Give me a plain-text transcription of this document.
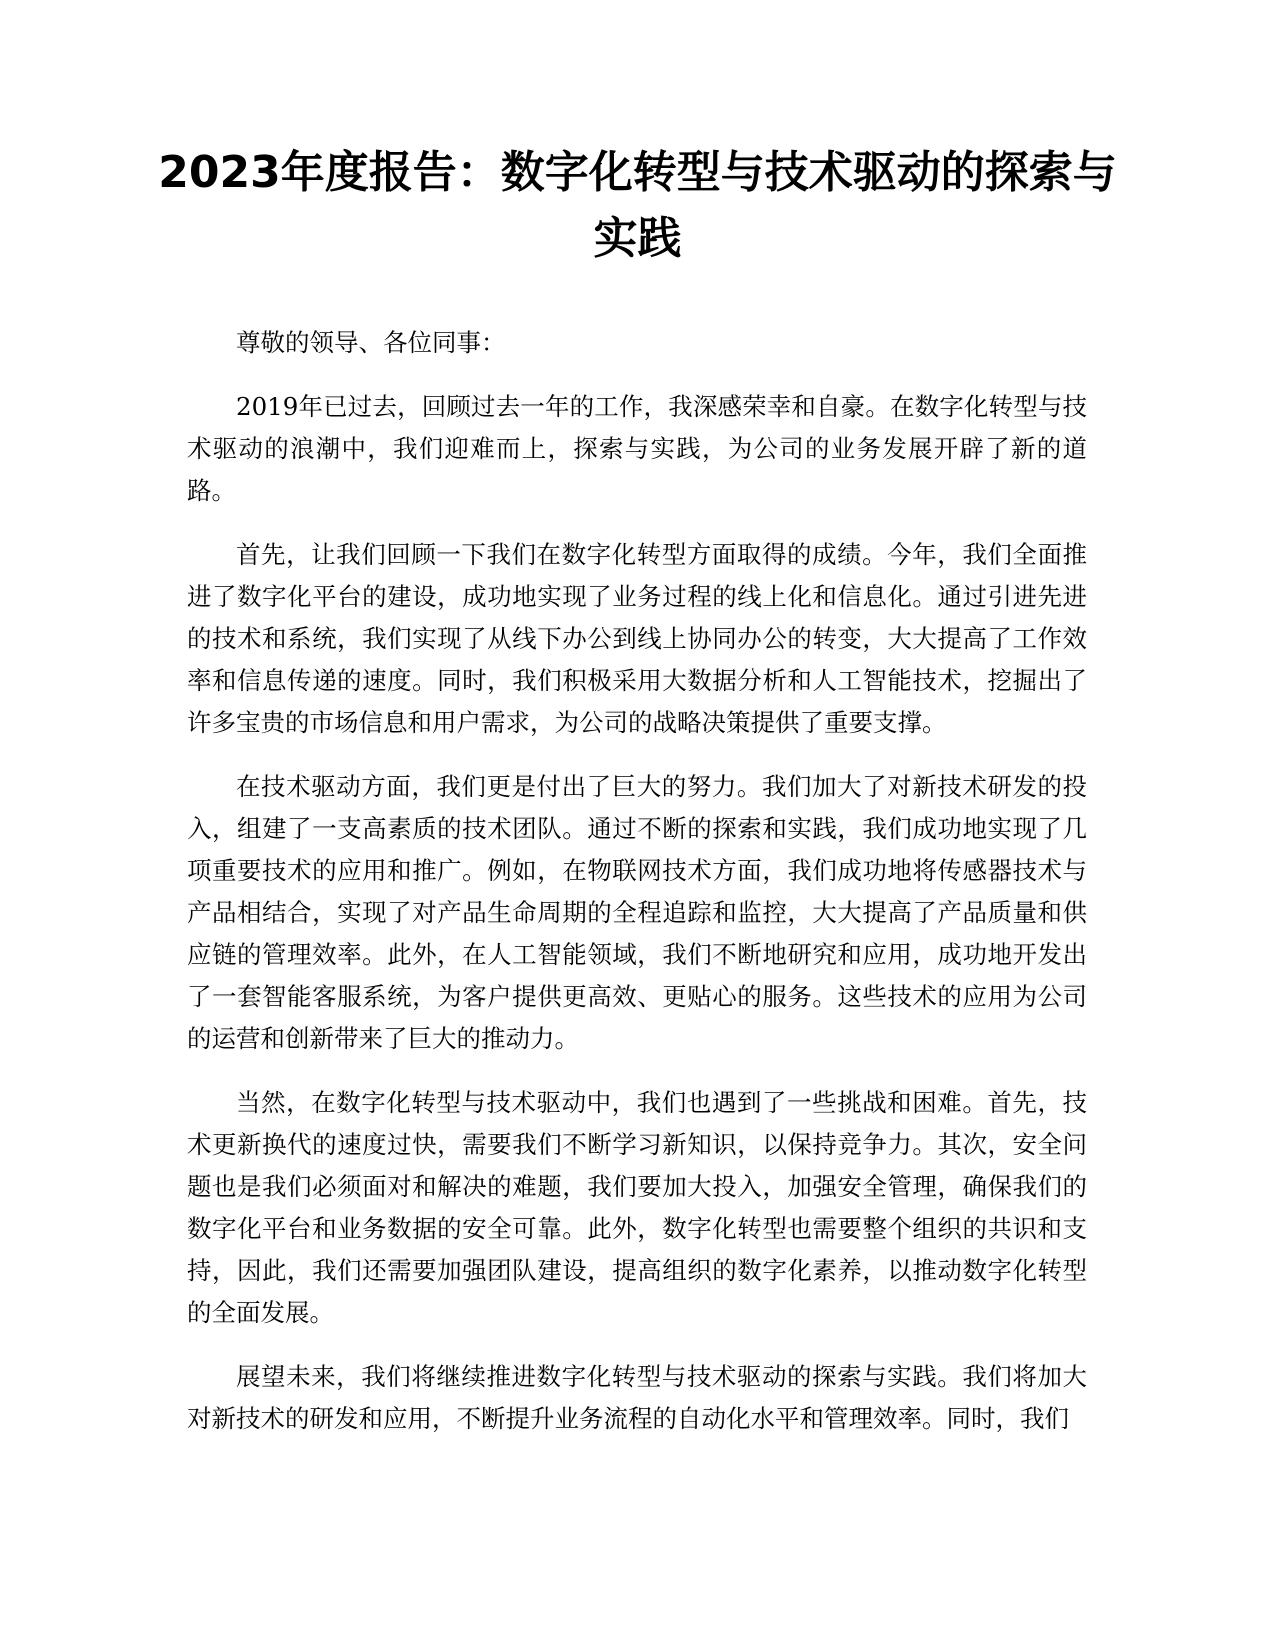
2023年度报告：数字化转型与技术驱动的探索与实践

尊敬的领导、各位同事：

2019年已过去，回顾过去一年的工作，我深感荣幸和自豪。在数字化转型与技术驱动的浪潮中，我们迎难而上，探索与实践，为公司的业务发展开辟了新的道路。

首先，让我们回顾一下我们在数字化转型方面取得的成绩。今年，我们全面推进了数字化平台的建设，成功地实现了业务过程的线上化和信息化。通过引进先进的技术和系统，我们实现了从线下办公到线上协同办公的转变，大大提高了工作效率和信息传递的速度。同时，我们积极采用大数据分析和人工智能技术，挖掘出了许多宝贵的市场信息和用户需求，为公司的战略决策提供了重要支撑。

在技术驱动方面，我们更是付出了巨大的努力。我们加大了对新技术研发的投入，组建了一支高素质的技术团队。通过不断的探索和实践，我们成功地实现了几项重要技术的应用和推广。例如，在物联网技术方面，我们成功地将传感器技术与产品相结合，实现了对产品生命周期的全程追踪和监控，大大提高了产品质量和供应链的管理效率。此外，在人工智能领域，我们不断地研究和应用，成功地开发出了一套智能客服系统，为客户提供更高效、更贴心的服务。这些技术的应用为公司的运营和创新带来了巨大的推动力。

当然，在数字化转型与技术驱动中，我们也遇到了一些挑战和困难。首先，技术更新换代的速度过快，需要我们不断学习新知识，以保持竞争力。其次，安全问题也是我们必须面对和解决的难题，我们要加大投入，加强安全管理，确保我们的数字化平台和业务数据的安全可靠。此外，数字化转型也需要整个组织的共识和支持，因此，我们还需要加强团队建设，提高组织的数字化素养，以推动数字化转型的全面发展。

展望未来，我们将继续推进数字化转型与技术驱动的探索与实践。我们将加大对新技术的研发和应用，不断提升业务流程的自动化水平和管理效率。同时，我们
